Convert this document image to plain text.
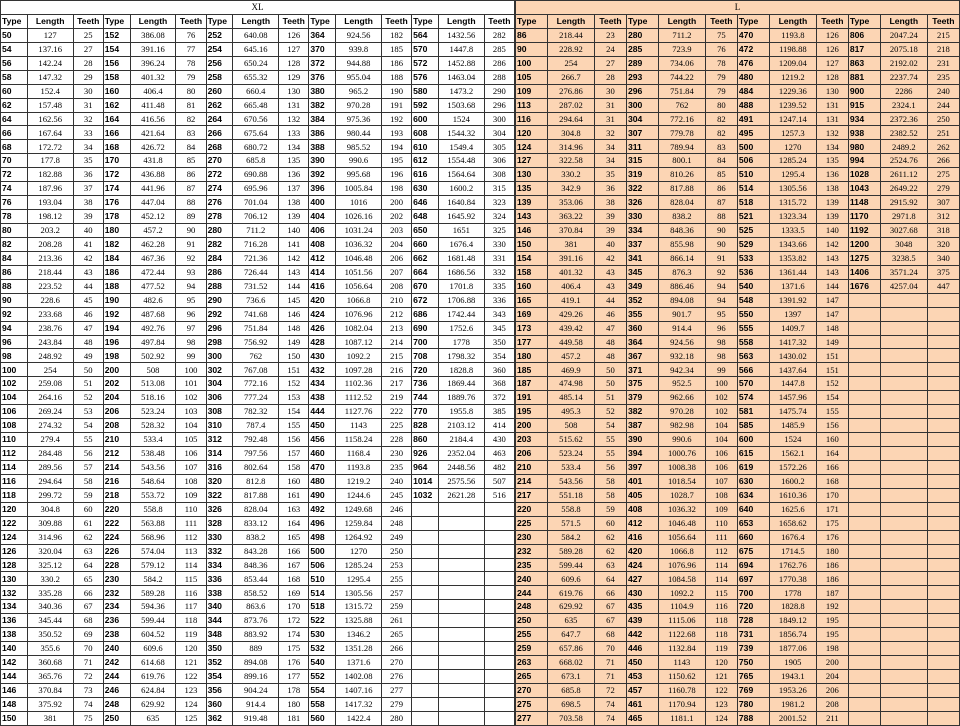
XL														
Type	Length	Teeth	Type	Length	Teeth	Type	Length	Teeth	Type	Length	Teeth	Type	Length	Teeth
50	127	25	152	386.08	76	252	640.08	126	364	924.56	182	564	1432.56	282
54	137.16	27	154	391.16	77	254	645.16	127	370	939.8	185	570	1447.8	285
56	142.24	28	156	396.24	78	256	650.24	128	372	944.88	186	572	1452.88	286
58	147.32	29	158	401.32	79	258	655.32	129	376	955.04	188	576	1463.04	288
60	152.4	30	160	406.4	80	260	660.4	130	380	965.2	190	580	1473.2	290
62	157.48	31	162	411.48	81	262	665.48	131	382	970.28	191	592	1503.68	296
64	162.56	32	164	416.56	82	264	670.56	132	384	975.36	192	600	1524	300
66	167.64	33	166	421.64	83	266	675.64	133	386	980.44	193	608	1544.32	304
68	172.72	34	168	426.72	84	268	680.72	134	388	985.52	194	610	1549.4	305
70	177.8	35	170	431.8	85	270	685.8	135	390	990.6	195	612	1554.48	306
72	182.88	36	172	436.88	86	272	690.88	136	392	995.68	196	616	1564.64	308
74	187.96	37	174	441.96	87	274	695.96	137	396	1005.84	198	630	1600.2	315
76	193.04	38	176	447.04	88	276	701.04	138	400	1016	200	646	1640.84	323
78	198.12	39	178	452.12	89	278	706.12	139	404	1026.16	202	648	1645.92	324
80	203.2	40	180	457.2	90	280	711.2	140	406	1031.24	203	650	1651	325
82	208.28	41	182	462.28	91	282	716.28	141	408	1036.32	204	660	1676.4	330
84	213.36	42	184	467.36	92	284	721.36	142	412	1046.48	206	662	1681.48	331
86	218.44	43	186	472.44	93	286	726.44	143	414	1051.56	207	664	1686.56	332
88	223.52	44	188	477.52	94	288	731.52	144	416	1056.64	208	670	1701.8	335
90	228.6	45	190	482.6	95	290	736.6	145	420	1066.8	210	672	1706.88	336
92	233.68	46	192	487.68	96	292	741.68	146	424	1076.96	212	686	1742.44	343
94	238.76	47	194	492.76	97	296	751.84	148	426	1082.04	213	690	1752.6	345
96	243.84	48	196	497.84	98	298	756.92	149	428	1087.12	214	700	1778	350
98	248.92	49	198	502.92	99	300	762	150	430	1092.2	215	708	1798.32	354
100	254	50	200	508	100	302	767.08	151	432	1097.28	216	720	1828.8	360
102	259.08	51	202	513.08	101	304	772.16	152	434	1102.36	217	736	1869.44	368
104	264.16	52	204	518.16	102	306	777.24	153	438	1112.52	219	744	1889.76	372
106	269.24	53	206	523.24	103	308	782.32	154	444	1127.76	222	770	1955.8	385
108	274.32	54	208	528.32	104	310	787.4	155	450	1143	225	828	2103.12	414
110	279.4	55	210	533.4	105	312	792.48	156	456	1158.24	228	860	2184.4	430
112	284.48	56	212	538.48	106	314	797.56	157	460	1168.4	230	926	2352.04	463
114	289.56	57	214	543.56	107	316	802.64	158	470	1193.8	235	964	2448.56	482
116	294.64	58	216	548.64	108	320	812.8	160	480	1219.2	240	1014	2575.56	507
118	299.72	59	218	553.72	109	322	817.88	161	490	1244.6	245	1032	2621.28	516
120	304.8	60	220	558.8	110	326	828.04	163	492	1249.68	246			
122	309.88	61	222	563.88	111	328	833.12	164	496	1259.84	248			
124	314.96	62	224	568.96	112	330	838.2	165	498	1264.92	249			
126	320.04	63	226	574.04	113	332	843.28	166	500	1270	250			
128	325.12	64	228	579.12	114	334	848.36	167	506	1285.24	253			
130	330.2	65	230	584.2	115	336	853.44	168	510	1295.4	255			
132	335.28	66	232	589.28	116	338	858.52	169	514	1305.56	257			
134	340.36	67	234	594.36	117	340	863.6	170	518	1315.72	259			
136	345.44	68	236	599.44	118	344	873.76	172	522	1325.88	261			
138	350.52	69	238	604.52	119	348	883.92	174	530	1346.2	265			
140	355.6	70	240	609.6	120	350	889	175	532	1351.28	266			
142	360.68	71	242	614.68	121	352	894.08	176	540	1371.6	270			
144	365.76	72	244	619.76	122	354	899.16	177	552	1402.08	276			
146	370.84	73	246	624.84	123	356	904.24	178	554	1407.16	277			
148	375.92	74	248	629.92	124	360	914.4	180	558	1417.32	279			
150	381	75	250	635	125	362	919.48	181	560	1422.4	280			
L											
Type	Length	Teeth	Type	Length	Teeth	Type	Length	Teeth	Type	Length	Teeth
86	218.44	23	280	711.2	75	470	1193.8	126	806	2047.24	215
90	228.92	24	285	723.9	76	472	1198.88	126	817	2075.18	218
100	254	27	289	734.06	78	476	1209.04	127	863	2192.02	231
105	266.7	28	293	744.22	79	480	1219.2	128	881	2237.74	235
109	276.86	30	296	751.84	79	484	1229.36	130	900	2286	240
113	287.02	31	300	762	80	488	1239.52	131	915	2324.1	244
116	294.64	31	304	772.16	82	491	1247.14	131	934	2372.36	250
120	304.8	32	307	779.78	82	495	1257.3	132	938	2382.52	251
124	314.96	34	311	789.94	83	500	1270	134	980	2489.2	262
127	322.58	34	315	800.1	84	506	1285.24	135	994	2524.76	266
130	330.2	35	319	810.26	85	510	1295.4	136	1028	2611.12	275
135	342.9	36	322	817.88	86	514	1305.56	138	1043	2649.22	279
139	353.06	38	326	828.04	87	518	1315.72	139	1148	2915.92	307
143	363.22	39	330	838.2	88	521	1323.34	139	1170	2971.8	312
146	370.84	39	334	848.36	90	525	1333.5	140	1192	3027.68	318
150	381	40	337	855.98	90	529	1343.66	142	1200	3048	320
154	391.16	42	341	866.14	91	533	1353.82	143	1275	3238.5	340
158	401.32	43	345	876.3	92	536	1361.44	143	1406	3571.24	375
160	406.4	43	349	886.46	94	540	1371.6	144	1676	4257.04	447
165	419.1	44	352	894.08	94	548	1391.92	147			
169	429.26	46	355	901.7	95	550	1397	147			
173	439.42	47	360	914.4	96	555	1409.7	148			
177	449.58	48	364	924.56	98	558	1417.32	149			
180	457.2	48	367	932.18	98	563	1430.02	151			
185	469.9	50	371	942.34	99	566	1437.64	151			
187	474.98	50	375	952.5	100	570	1447.8	152			
191	485.14	51	379	962.66	102	574	1457.96	154			
195	495.3	52	382	970.28	102	581	1475.74	155			
200	508	54	387	982.98	104	585	1485.9	156			
203	515.62	55	390	990.6	104	600	1524	160			
206	523.24	55	394	1000.76	106	615	1562.1	164			
210	533.4	56	397	1008.38	106	619	1572.26	166			
214	543.56	58	401	1018.54	107	630	1600.2	168			
217	551.18	58	405	1028.7	108	634	1610.36	170			
220	558.8	59	408	1036.32	109	640	1625.6	171			
225	571.5	60	412	1046.48	110	653	1658.62	175			
230	584.2	62	416	1056.64	111	660	1676.4	176			
232	589.28	62	420	1066.8	112	675	1714.5	180			
235	599.44	63	424	1076.96	114	694	1762.76	186			
240	609.6	64	427	1084.58	114	697	1770.38	186			
244	619.76	66	430	1092.2	115	700	1778	187			
248	629.92	67	435	1104.9	116	720	1828.8	192			
250	635	67	439	1115.06	118	728	1849.12	195			
255	647.7	68	442	1122.68	118	731	1856.74	195			
259	657.86	70	446	1132.84	119	739	1877.06	198			
263	668.02	71	450	1143	120	750	1905	200			
265	673.1	71	453	1150.62	121	765	1943.1	204			
270	685.8	72	457	1160.78	122	769	1953.26	206			
275	698.5	74	461	1170.94	123	780	1981.2	208			
277	703.58	74	465	1181.1	124	788	2001.52	211			
